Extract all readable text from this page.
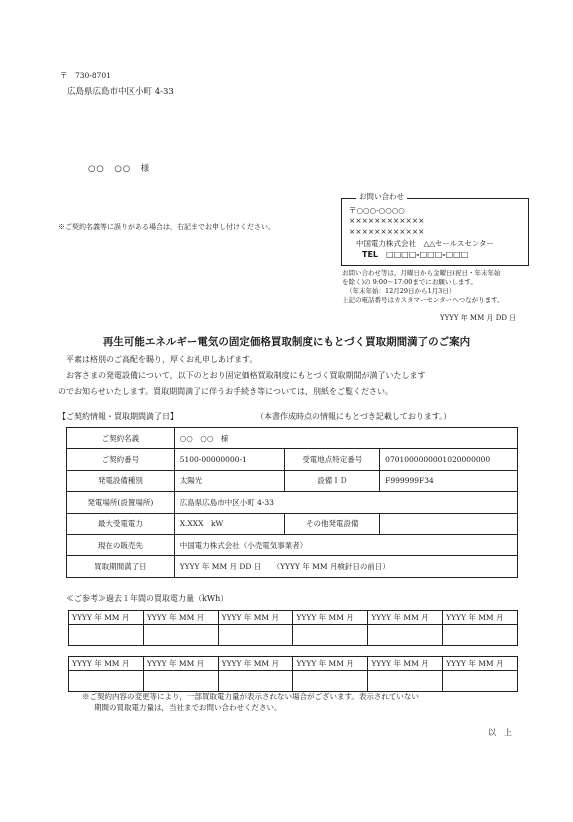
〒　730-8701
広島県広島市中区小町 4-33
○○　○○　様
※ご契約名義等に誤りがある場合は，右記までお申し付けください。
お問い合わせ
〒○○○-○○○○
××××××××××××
××××××××××××
中国電力株式会社　△△セールスセンター
TEL　□□□□-□□□-□□□
お問い合わせ等は，月曜日から金曜日(祝日・年末年始
を除く)の 9:00～17:00までにお願いします。
（年末年始：12月29日から1月3日）
上記の電話番号はカスタマーセンターへつながります。
YYYY 年 MM 月 DD 日
再生可能エネルギー電気の固定価格買取制度にもとづく買取期間満了のご案内
平素は格別のご高配を賜り，厚くお礼申しあげます。
お客さまの発電設備について，以下のとおり固定価格買取制度にもとづく買取期間が満了いたします
のでお知らせいたします。買取期間満了に伴うお手続き等については，別紙をご覧ください。
【ご契約情報・買取期間満了日】	（本書作成時点の情報にもとづき記載しております。）
ご契約名義	○○　○○　様		
ご契約番号	5100-00000000-1	受電地点特定番号	0701000000001020000000
発電設備種別	太陽光	設備ＩＤ	F999999F34
発電場所(設置場所)	広島県広島市中区小町 4-33		
最大受電電力	X.XXX　kW	その他発電設備	
現在の販売先	中国電力株式会社（小売電気事業者）		
買取期間満了日	YYYY 年 MM 月 DD 日　　（YYYY 年 MM 月検針日の前日）		
≪ご参考≫過去１年間の買取電力量（kWh）
YYYY 年 MM 月	YYYY 年 MM 月	YYYY 年 MM 月	YYYY 年 MM 月	YYYY 年 MM 月	YYYY 年 MM 月

YYYY 年 MM 月	YYYY 年 MM 月	YYYY 年 MM 月	YYYY 年 MM 月	YYYY 年 MM 月	YYYY 年 MM 月

※ご契約内容の変更等により，一部買取電力量が表示されない場合がございます。表示されていない
期間の買取電力量は，当社までお問い合わせください。
以　上
